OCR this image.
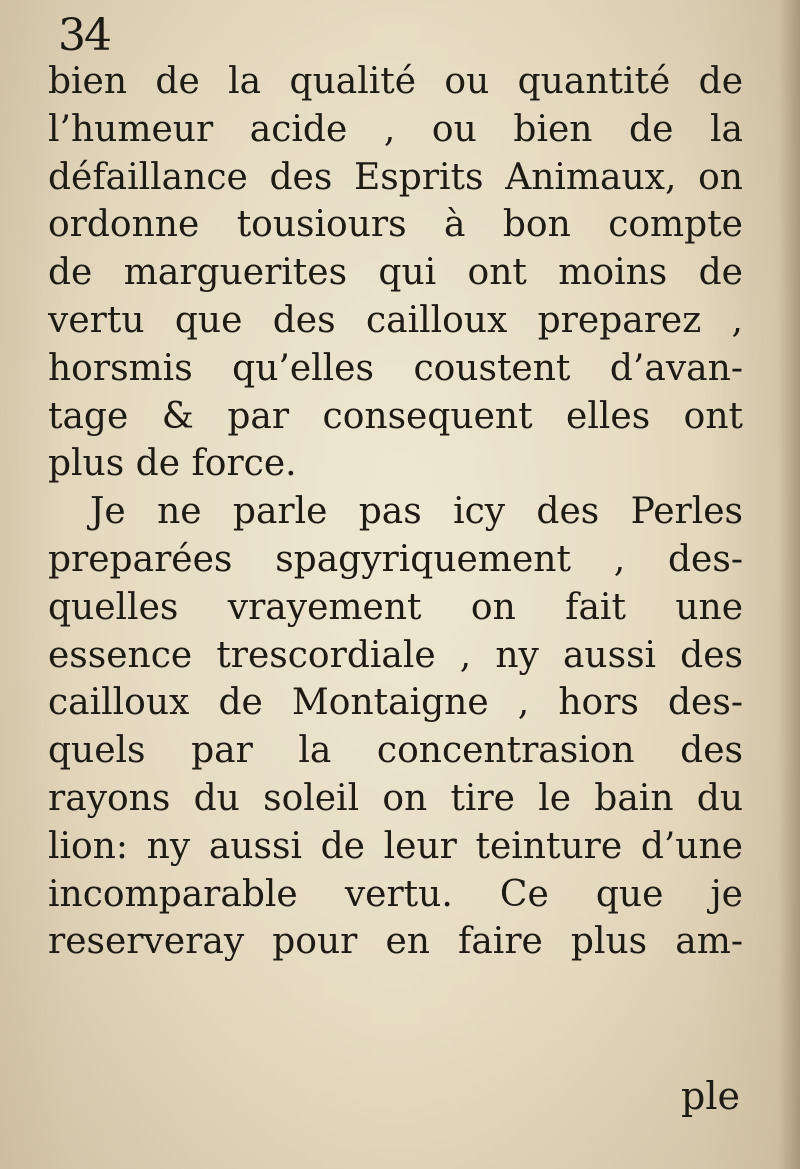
34
bien de la qualité ou quantité de
l’humeur acide , ou bien de la
défaillance des Esprits Animaux, on
ordonne tousiours à bon compte
de marguerites qui ont moins de
vertu que des cailloux preparez ,
horsmis qu’elles coustent d’avan-
tage & par consequent elles ont
plus de force.
Je ne parle pas icy des Perles
preparées spagyriquement , des-
quelles vrayement on fait une
essence trescordiale , ny aussi des
cailloux de Montaigne , hors des-
quels par la concentrasion des
rayons du soleil on tire le bain du
lion: ny aussi de leur teinture d’une
incomparable vertu. Ce que je
reserveray pour en faire plus am-
ple
